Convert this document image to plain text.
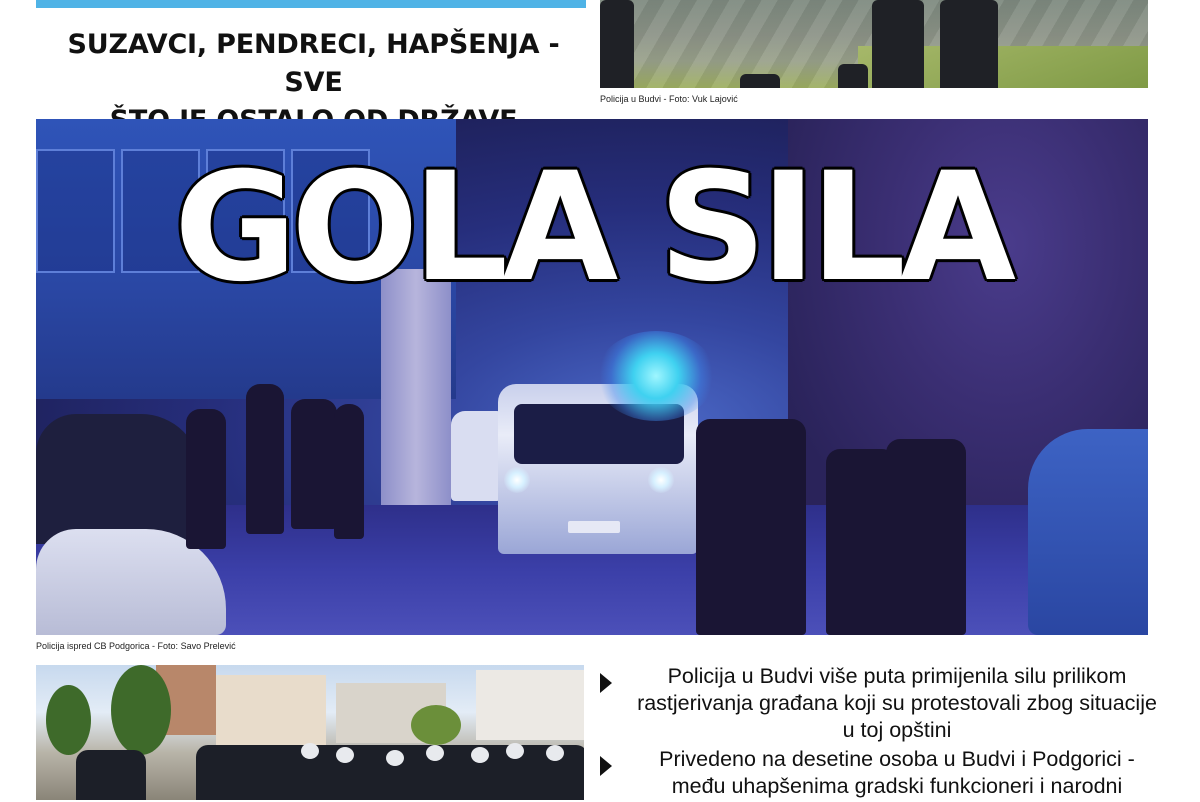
SUZAVCI, PENDRECI, HAPŠENJA - SVE
Policija u Budvi - Foto: Vuk Lajović
GOLA SILA
Policija ispred CB Podgorica - Foto: Savo Prelević
Policija u Budvi više puta primijenila silu prilikom rastjerivanja građana koji su protestovali zbog situacije u toj opštini
Privedeno na desetine osoba u Budvi i Podgorici - među uhapšenima gradski funkcioneri i narodni
